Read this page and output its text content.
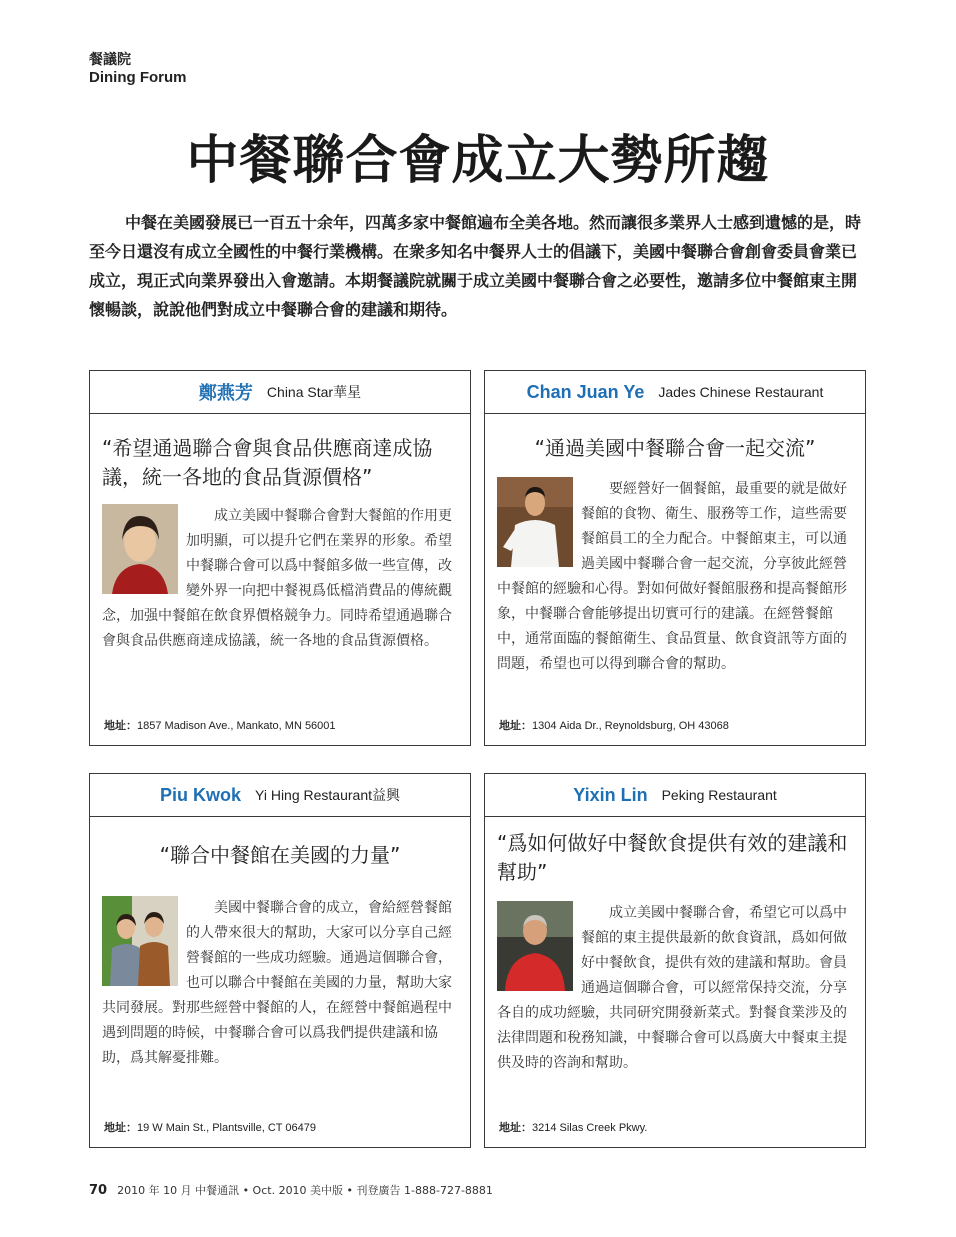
餐議院
Dining Forum
中餐聯合會成立大勢所趨

中餐在美國發展已一百五十余年，四萬多家中餐館遍布全美各地。然而讓很多業界人士感到遺憾的是，時至今日還沒有成立全國性的中餐行業機構。在衆多知名中餐界人士的倡議下，美國中餐聯合會創會委員會業已成立，現正式向業界發出入會邀請。本期餐議院就關于成立美國中餐聯合會之必要性，邀請多位中餐館東主開懷暢談，說說他們對成立中餐聯合會的建議和期待。

鄭燕芳 China Star華星

“希望通過聯合會與食品供應商達成協議，統一各地的食品貨源價格”

成立美國中餐聯合會對大餐館的作用更加明顯，可以提升它們在業界的形象。希望中餐聯合會可以爲中餐館多做一些宣傳，改變外界一向把中餐視爲低檔消費品的傳統觀念，加强中餐館在飲食界價格競争力。同時希望通過聯合會與食品供應商達成協議，統一各地的食品貨源價格。

地址：1857 Madison Ave., Mankato, MN 56001
Chan Juan Ye Jades Chinese Restaurant

“通過美國中餐聯合會一起交流”

要經營好一個餐館，最重要的就是做好餐館的食物、衛生、服務等工作，這些需要餐館員工的全力配合。中餐館東主，可以通過美國中餐聯合會一起交流，分享彼此經營中餐館的經驗和心得。對如何做好餐館服務和提高餐館形象，中餐聯合會能够提出切實可行的建議。在經營餐館中，通常面臨的餐館衛生、食品質量、飲食資訊等方面的問題，希望也可以得到聯合會的幫助。

地址：1304 Aida Dr., Reynoldsburg, OH 43068
Piu Kwok Yi Hing Restaurant益興

“聯合中餐館在美國的力量”

美國中餐聯合會的成立，會給經營餐館的人帶來很大的幫助，大家可以分享自己經營餐館的一些成功經驗。通過這個聯合會，也可以聯合中餐館在美國的力量，幫助大家共同發展。對那些經營中餐館的人，在經營中餐館過程中遇到問題的時候，中餐聯合會可以爲我們提供建議和協助，爲其解憂排難。

地址：19 W Main St., Plantsville, CT 06479
Yixin Lin Peking Restaurant

“爲如何做好中餐飲食提供有效的建議和幫助”

成立美國中餐聯合會，希望它可以爲中餐館的東主提供最新的飲食資訊，爲如何做好中餐飲食，提供有效的建議和幫助。會員通過這個聯合會，可以經常保持交流，分享各自的成功經驗，共同研究開發新菜式。對餐食業涉及的法律問題和稅務知識，中餐聯合會可以爲廣大中餐東主提供及時的咨詢和幫助。

地址：3214 Silas Creek Pkwy.
70 2010 年 10 月 中餐通訊 • Oct. 2010 美中版 • 刊登廣告 1-888-727-8881
